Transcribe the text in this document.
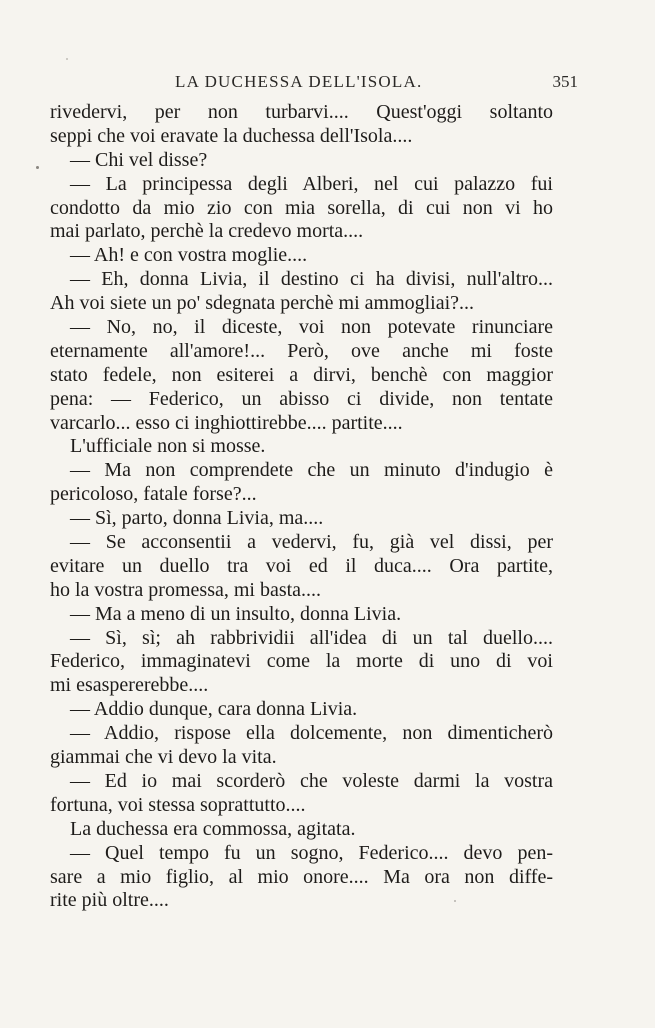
LA DUCHESSA DELL'ISOLA.	351
rivedervi, per non turbarvi.... Quest'oggi soltanto
seppi che voi eravate la duchessa dell'Isola....
— Chi vel disse?
— La principessa degli Alberi, nel cui palazzo fui
condotto da mio zio con mia sorella, di cui non vi ho
mai parlato, perchè la credevo morta....
— Ah! e con vostra moglie....
— Eh, donna Livia, il destino ci ha divisi, null'altro...
Ah voi siete un po' sdegnata perchè mi ammogliai?...
— No, no, il diceste, voi non potevate rinunciare
eternamente all'amore!... Però, ove anche mi foste
stato fedele, non esiterei a dirvi, benchè con maggior
pena: — Federico, un abisso ci divide, non tentate
varcarlo... esso ci inghiottirebbe.... partite....
L'ufficiale non si mosse.
— Ma non comprendete che un minuto d'indugio è
pericoloso, fatale forse?...
— Sì, parto, donna Livia, ma....
— Se acconsentii a vedervi, fu, già vel dissi, per
evitare un duello tra voi ed il duca.... Ora partite,
ho la vostra promessa, mi basta....
— Ma a meno di un insulto, donna Livia.
— Sì, sì; ah rabbrividii all'idea di un tal duello....
Federico, immaginatevi come la morte di uno di voi
mi esaspererebbe....
— Addio dunque, cara donna Livia.
— Addio, rispose ella dolcemente, non dimenticherò
giammai che vi devo la vita.
— Ed io mai scorderò che voleste darmi la vostra
fortuna, voi stessa soprattutto....
La duchessa era commossa, agitata.
— Quel tempo fu un sogno, Federico.... devo pen-
sare a mio figlio, al mio onore.... Ma ora non diffe-
rite più oltre....
